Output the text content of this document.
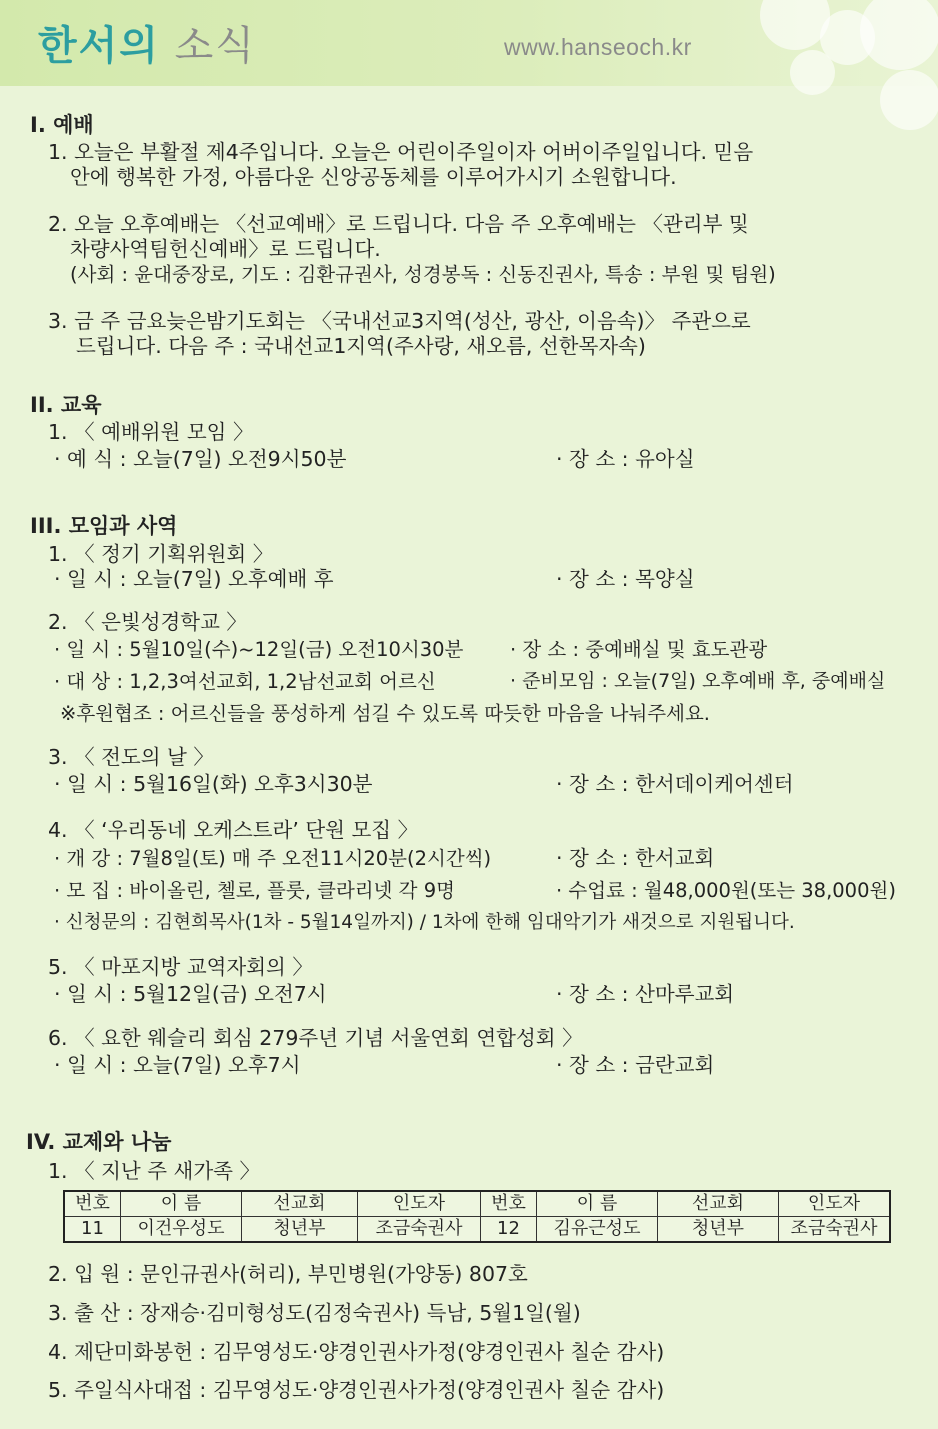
한서의 소식	www.hanseoch.kr
I. 예배
1. 오늘은 부활절 제4주입니다. 오늘은 어린이주일이자 어버이주일입니다. 믿음
안에 행복한 가정, 아름다운 신앙공동체를 이루어가시기 소원합니다.
2. 오늘 오후예배는 〈선교예배〉로 드립니다. 다음 주 오후예배는 〈관리부 및
차량사역팀헌신예배〉로 드립니다.
(사회 : 윤대중장로, 기도 : 김환규권사, 성경봉독 : 신동진권사, 특송 : 부원 및 팀원)
3. 금 주 금요늦은밤기도회는 〈국내선교3지역(성산, 광산, 이음속)〉 주관으로
드립니다. 다음 주 : 국내선교1지역(주사랑, 새오름, 선한목자속)
II. 교육
1. 〈 예배위원 모임 〉
· 예 식 : 오늘(7일) 오전9시50분	· 장 소 : 유아실
III. 모임과 사역
1. 〈 정기 기획위원회 〉
· 일 시 : 오늘(7일) 오후예배 후	· 장 소 : 목양실
2. 〈 은빛성경학교 〉
· 일 시 : 5월10일(수)~12일(금) 오전10시30분 · 장 소 : 중예배실 및 효도관광
· 대 상 : 1,2,3여선교회, 1,2남선교회 어르신	· 준비모임 : 오늘(7일) 오후예배 후, 중예배실
※후원협조 : 어르신들을 풍성하게 섬길 수 있도록 따듯한 마음을 나눠주세요.
3. 〈 전도의 날 〉
· 일 시 : 5월16일(화) 오후3시30분	· 장 소 : 한서데이케어센터
4. 〈 ‘우리동네 오케스트라’ 단원 모집 〉
· 개 강 : 7월8일(토) 매 주 오전11시20분(2시간씩)	· 장 소 : 한서교회
· 모 집 : 바이올린, 첼로, 플룻, 클라리넷 각 9명	· 수업료 : 월48,000원(또는 38,000원)
· 신청문의 : 김현희목사(1차 - 5월14일까지) / 1차에 한해 임대악기가 새것으로 지원됩니다.
5. 〈 마포지방 교역자회의 〉
· 일 시 : 5월12일(금) 오전7시	· 장 소 : 산마루교회
6. 〈 요한 웨슬리 회심 279주년 기념 서울연회 연합성회 〉
· 일 시 : 오늘(7일) 오후7시	· 장 소 : 금란교회
IV. 교제와 나눔
1. 〈 지난 주 새가족 〉
번호	이 름	선교회	인도자	번호	이 름	선교회	인도자
11	이건우성도	청년부	조금숙권사	12	김유근성도	청년부	조금숙권사
2. 입 원 : 문인규권사(허리), 부민병원(가양동) 807호
3. 출 산 : 장재승·김미형성도(김정숙권사) 득남, 5월1일(월)
4. 제단미화봉헌 : 김무영성도·양경인권사가정(양경인권사 칠순 감사)
5. 주일식사대접 : 김무영성도·양경인권사가정(양경인권사 칠순 감사)
